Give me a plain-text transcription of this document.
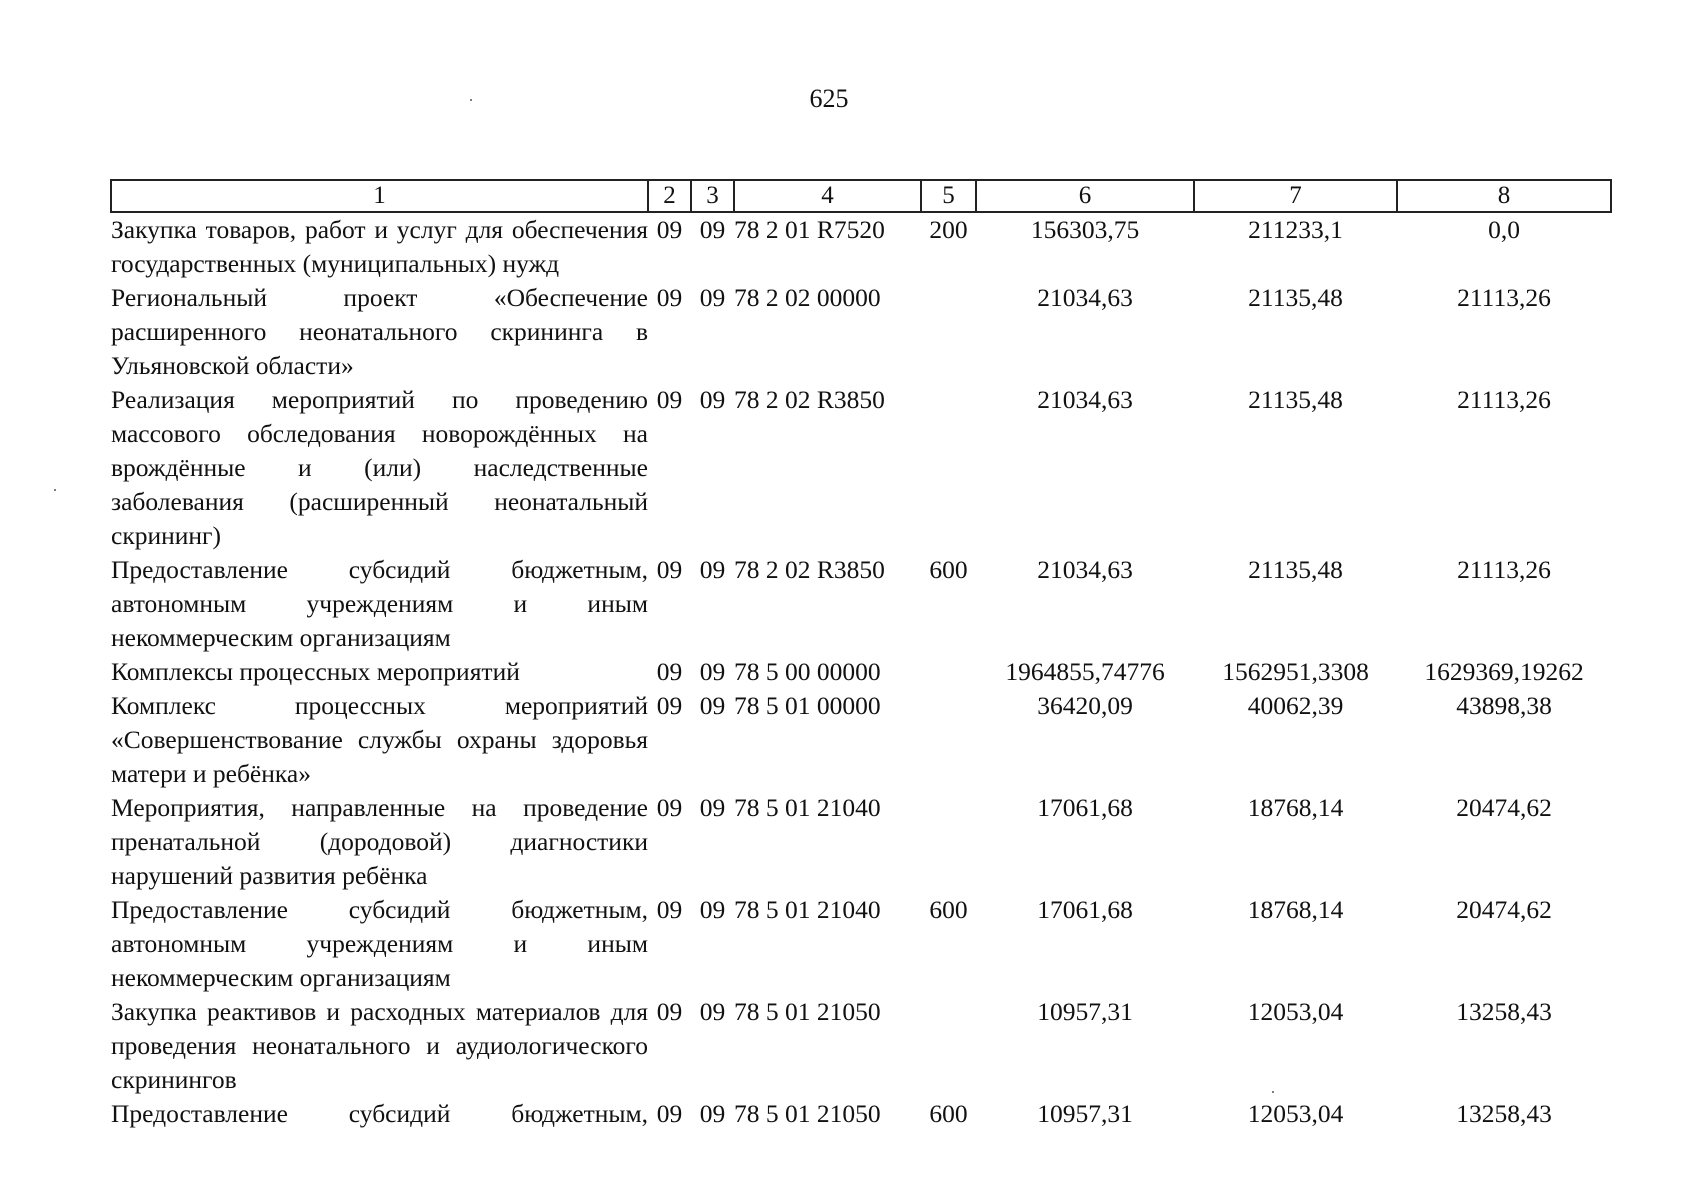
625
1	2	3	4	5	6	7	8
Закупка товаров, работ и услуг для обеспечения государственных (муниципальных) нужд	09	09	78 2 01 R7520	200	156303,75	211233,1	0,0
Региональный проект «Обеспечение расширенного неонатального скрининга в Ульяновской области»	09	09	78 2 02 00000		21034,63	21135,48	21113,26
Реализация мероприятий по проведению массового обследования новорождённых на врождённые и (или) наследственные заболевания (расширенный неонатальный скрининг)	09	09	78 2 02 R3850		21034,63	21135,48	21113,26
Предоставление субсидий бюджетным, автономным учреждениям и иным некоммерческим организациям	09	09	78 2 02 R3850	600	21034,63	21135,48	21113,26
Комплексы процессных мероприятий	09	09	78 5 00 00000		1964855,74776	1562951,3308	1629369,19262
Комплекс процессных мероприятий «Совершенствование службы охраны здоровья матери и ребёнка»	09	09	78 5 01 00000		36420,09	40062,39	43898,38
Мероприятия, направленные на проведение пренатальной (дородовой) диагностики нарушений развития ребёнка	09	09	78 5 01 21040		17061,68	18768,14	20474,62
Предоставление субсидий бюджетным, автономным учреждениям и иным некоммерческим организациям	09	09	78 5 01 21040	600	17061,68	18768,14	20474,62
Закупка реактивов и расходных материалов для проведения неонатального и аудиологического скринингов	09	09	78 5 01 21050		10957,31	12053,04	13258,43
Предоставление субсидий бюджетным,	09	09	78 5 01 21050	600	10957,31	12053,04	13258,43
